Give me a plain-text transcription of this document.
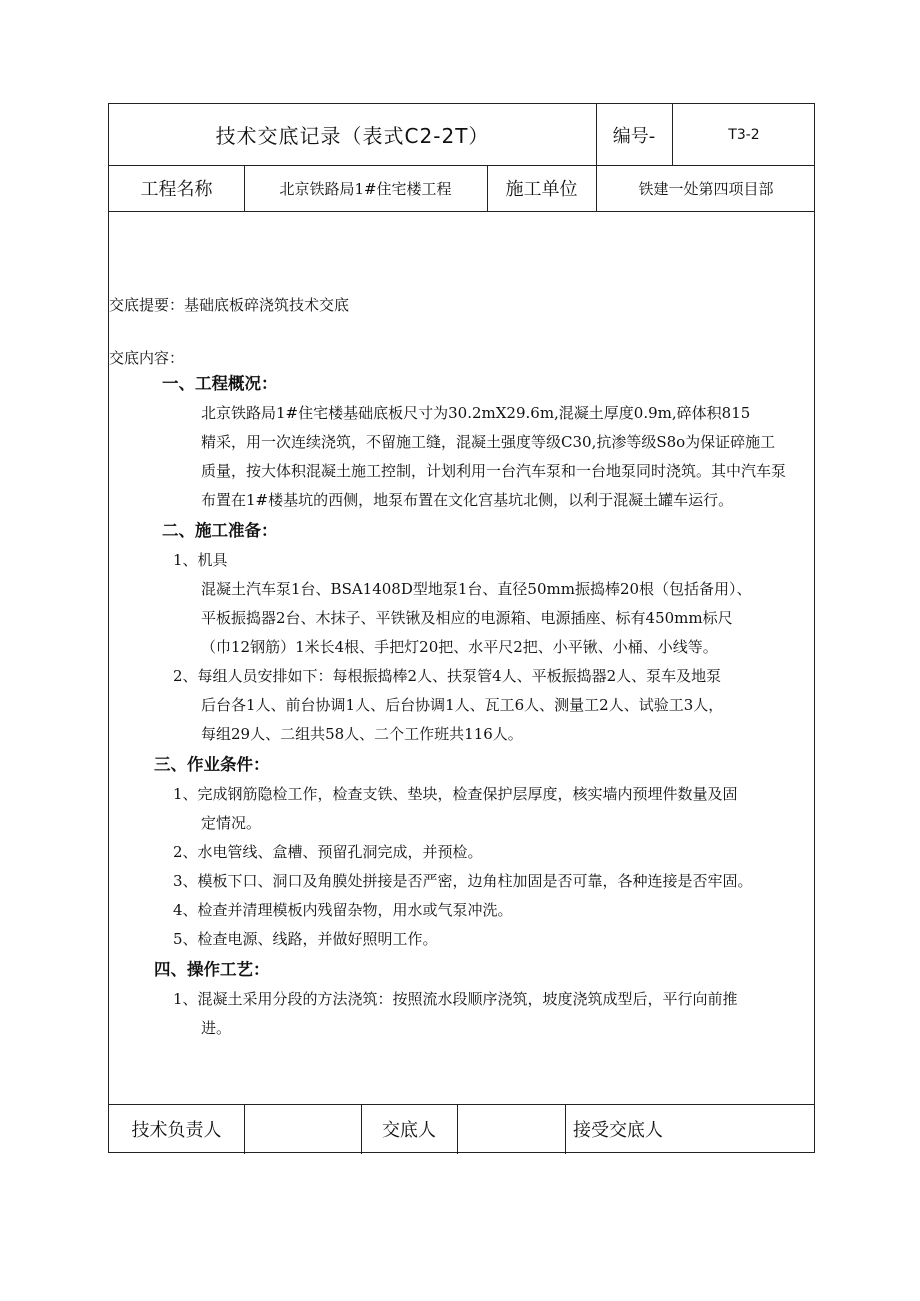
技术交底记录（表式C2-2T）	编号-	T3-2
工程名称	北京铁路局1#住宅楼工程	施工单位	铁建一处第四项目部
交底提要：基础底板碎浇筑技术交底
交底内容：
一、工程概况：
北京铁路局1#住宅楼基础底板尺寸为30.2mX29.6m,混凝土厚度0.9m,碎体积815
精采，用一次连续浇筑，不留施工缝，混凝土强度等级C30,抗渗等级S8o为保证碎施工
质量，按大体积混凝土施工控制，计划利用一台汽车泵和一台地泵同时浇筑。其中汽车泵
布置在1#楼基坑的西侧，地泵布置在文化宫基坑北侧，以利于混凝土罐车运行。
二、施工准备：
1、机具
混凝土汽车泵1台、BSA1408D型地泵1台、直径50mm振捣棒20根（包括备用）、
平板振捣器2台、木抹子、平铁锹及相应的电源箱、电源插座、标有450mm标尺
（巾12钢筋）1米长4根、手把灯20把、水平尺2把、小平锹、小桶、小线等。
2、每组人员安排如下：每根振捣棒2人、扶泵管4人、平板振捣器2人、泵车及地泵
后台各1人、前台协调1人、后台协调1人、瓦工6人、测量工2人、试验工3人，
每组29人、二组共58人、二个工作班共116人。
三、作业条件：
1、完成钢筋隐检工作，检查支铁、垫块，检查保护层厚度，核实墙内预埋件数量及固
定情况。
2、水电管线、盒槽、预留孔洞完成，并预检。
3、模板下口、洞口及角膜处拼接是否严密，边角柱加固是否可靠，各种连接是否牢固。
4、检查并清理模板内残留杂物，用水或气泵冲洗。
5、检查电源、线路，并做好照明工作。
四、操作工艺：
1、混凝土采用分段的方法浇筑：按照流水段顺序浇筑，坡度浇筑成型后，平行向前推
进。
技术负责人	交底人	接受交底人
